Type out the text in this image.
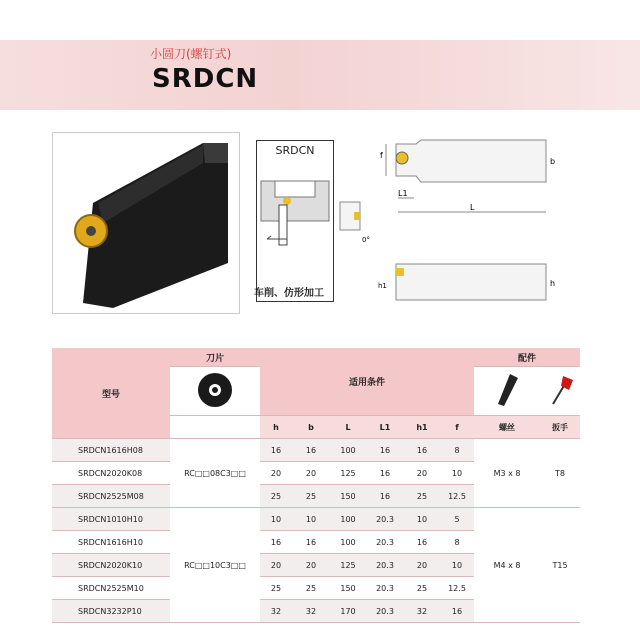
小圆刀(螺钉式)
SRDCN
SRDCN
车削、仿形加工
f
b
L1
L
0°
h1	h
型号	刀片	适用条件						配件	

		h	b	L	L1	h1	f	螺丝	扳手
SRDCN1616H08	RC□□08C3□□	16	16	100	16	16	8	M3 x 8	T8
SRDCN2020K08		20	20	125	16	20	10		
SRDCN2525M08		25	25	150	16	25	12.5		
SRDCN1010H10	RC□□10C3□□	10	10	100	20.3	10	5	M4 x 8	T15
SRDCN1616H10		16	16	100	20.3	16	8		
SRDCN2020K10		20	20	125	20.3	20	10		
SRDCN2525M10		25	25	150	20.3	25	12.5		
SRDCN3232P10		32	32	170	20.3	32	16		
